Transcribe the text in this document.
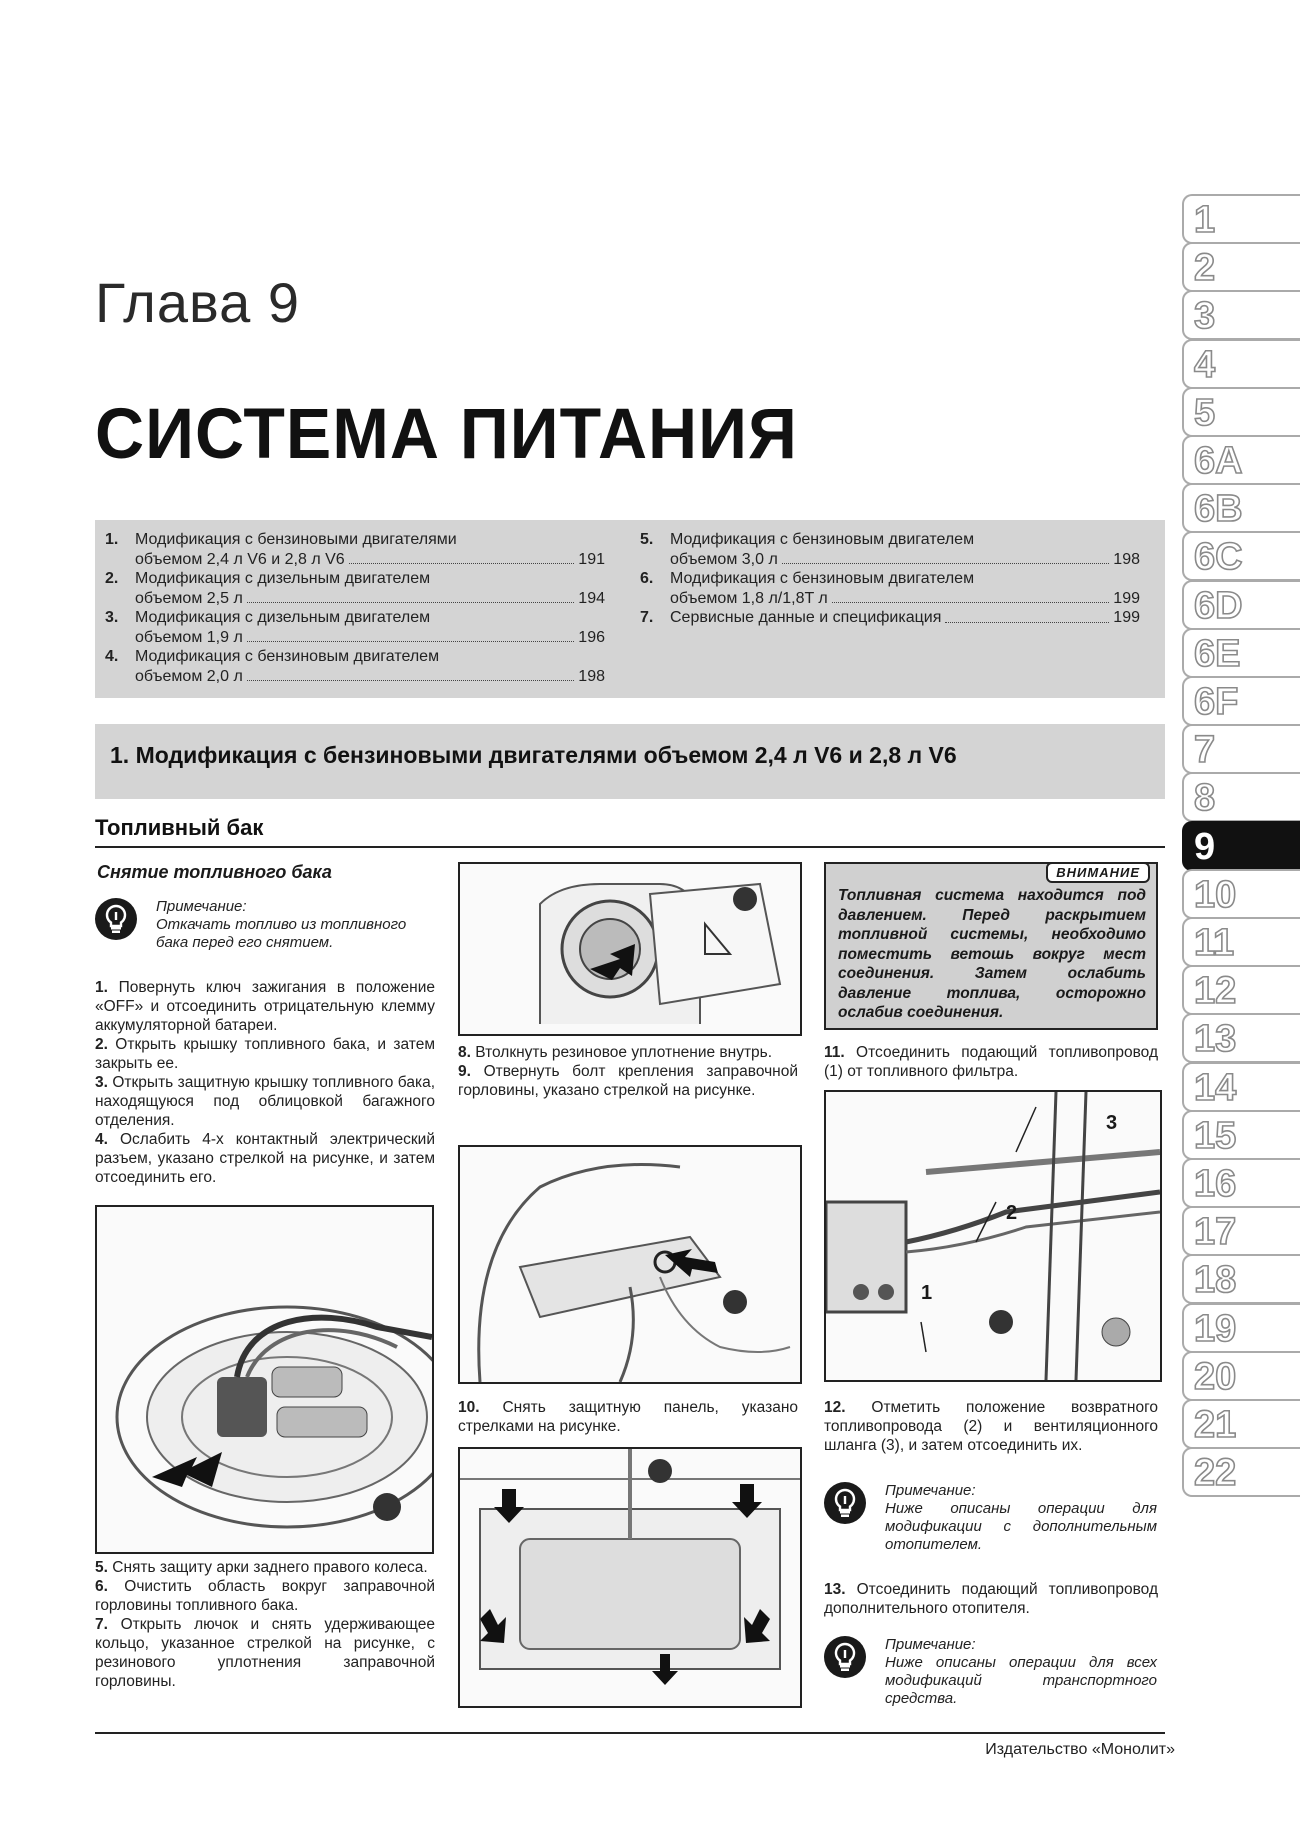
Глава 9
СИСТЕМА ПИТАНИЯ
1.	Модификация с бензиновыми двигателями
объемом 2,4 л V6 и 2,8 л V6	191
2.	Модификация с дизельным двигателем
объемом 2,5 л	194
3.	Модификация с дизельным двигателем
объемом 1,9 л	196
4.	Модификация с бензиновым двигателем
объемом 2,0 л	198
5.	Модификация с бензиновым двигателем
объемом 3,0 л	198
6.	Модификация с бензиновым двигателем
объемом 1,8 л/1,8T л	199
7.	Сервисные данные и спецификация	199
1. Модификация с бензиновыми двигателями объемом 2,4 л V6 и 2,8 л V6
Топливный бак
Снятие топливного бака
Примечание:
Откачать топливо из топливного бака перед его снятием.
1. Повернуть ключ зажигания в положение «OFF» и отсоединить отрицательную клемму аккумуляторной батареи.
2. Открыть крышку топливного бака, и затем закрыть ее.
3. Открыть защитную крышку топливного бака, находящуюся под облицовкой багажного отделения.
4. Ослабить 4-х контактный электрический разъем, указано стрелкой на рисунке, и затем отсоединить его.
5. Снять защиту арки заднего правого колеса.
6. Очистить область вокруг заправочной горловины топливного бака.
7. Открыть лючок и снять удерживающее кольцо, указанное стрелкой на рисунке, с резинового уплотнения заправочной горловины.
8. Втолкнуть резиновое уплотнение внутрь.
9. Отвернуть болт крепления заправочной горловины, указано стрелкой на рисунке.
10. Снять защитную панель, указано стрелками на рисунке.
ВНИМАНИЕ
Топливная система находится под давлением. Перед раскрытием топливной системы, необходимо поместить ветошь вокруг мест соединения. Затем ослабить давление топлива, осторожно ослабив соединения.
11. Отсоединить подающий топливопровод (1) от топливного фильтра.
3
2
1
12. Отметить положение возвратного топливопровода (2) и вентиляционного шланга (3), и затем отсоединить их.
Примечание:
Ниже описаны операции для модификации с дополнительным отопителем.
13. Отсоединить подающий топливопровод дополнительного отопителя.
Примечание:
Ниже описаны операции для всех модификаций транспортного средства.
1
2
3
4
5
6A
6B
6C
6D
6E
6F
7
8
9
10
11
12
13
14
15
16
17
18
19
20
21
22
Издательство «Монолит»
